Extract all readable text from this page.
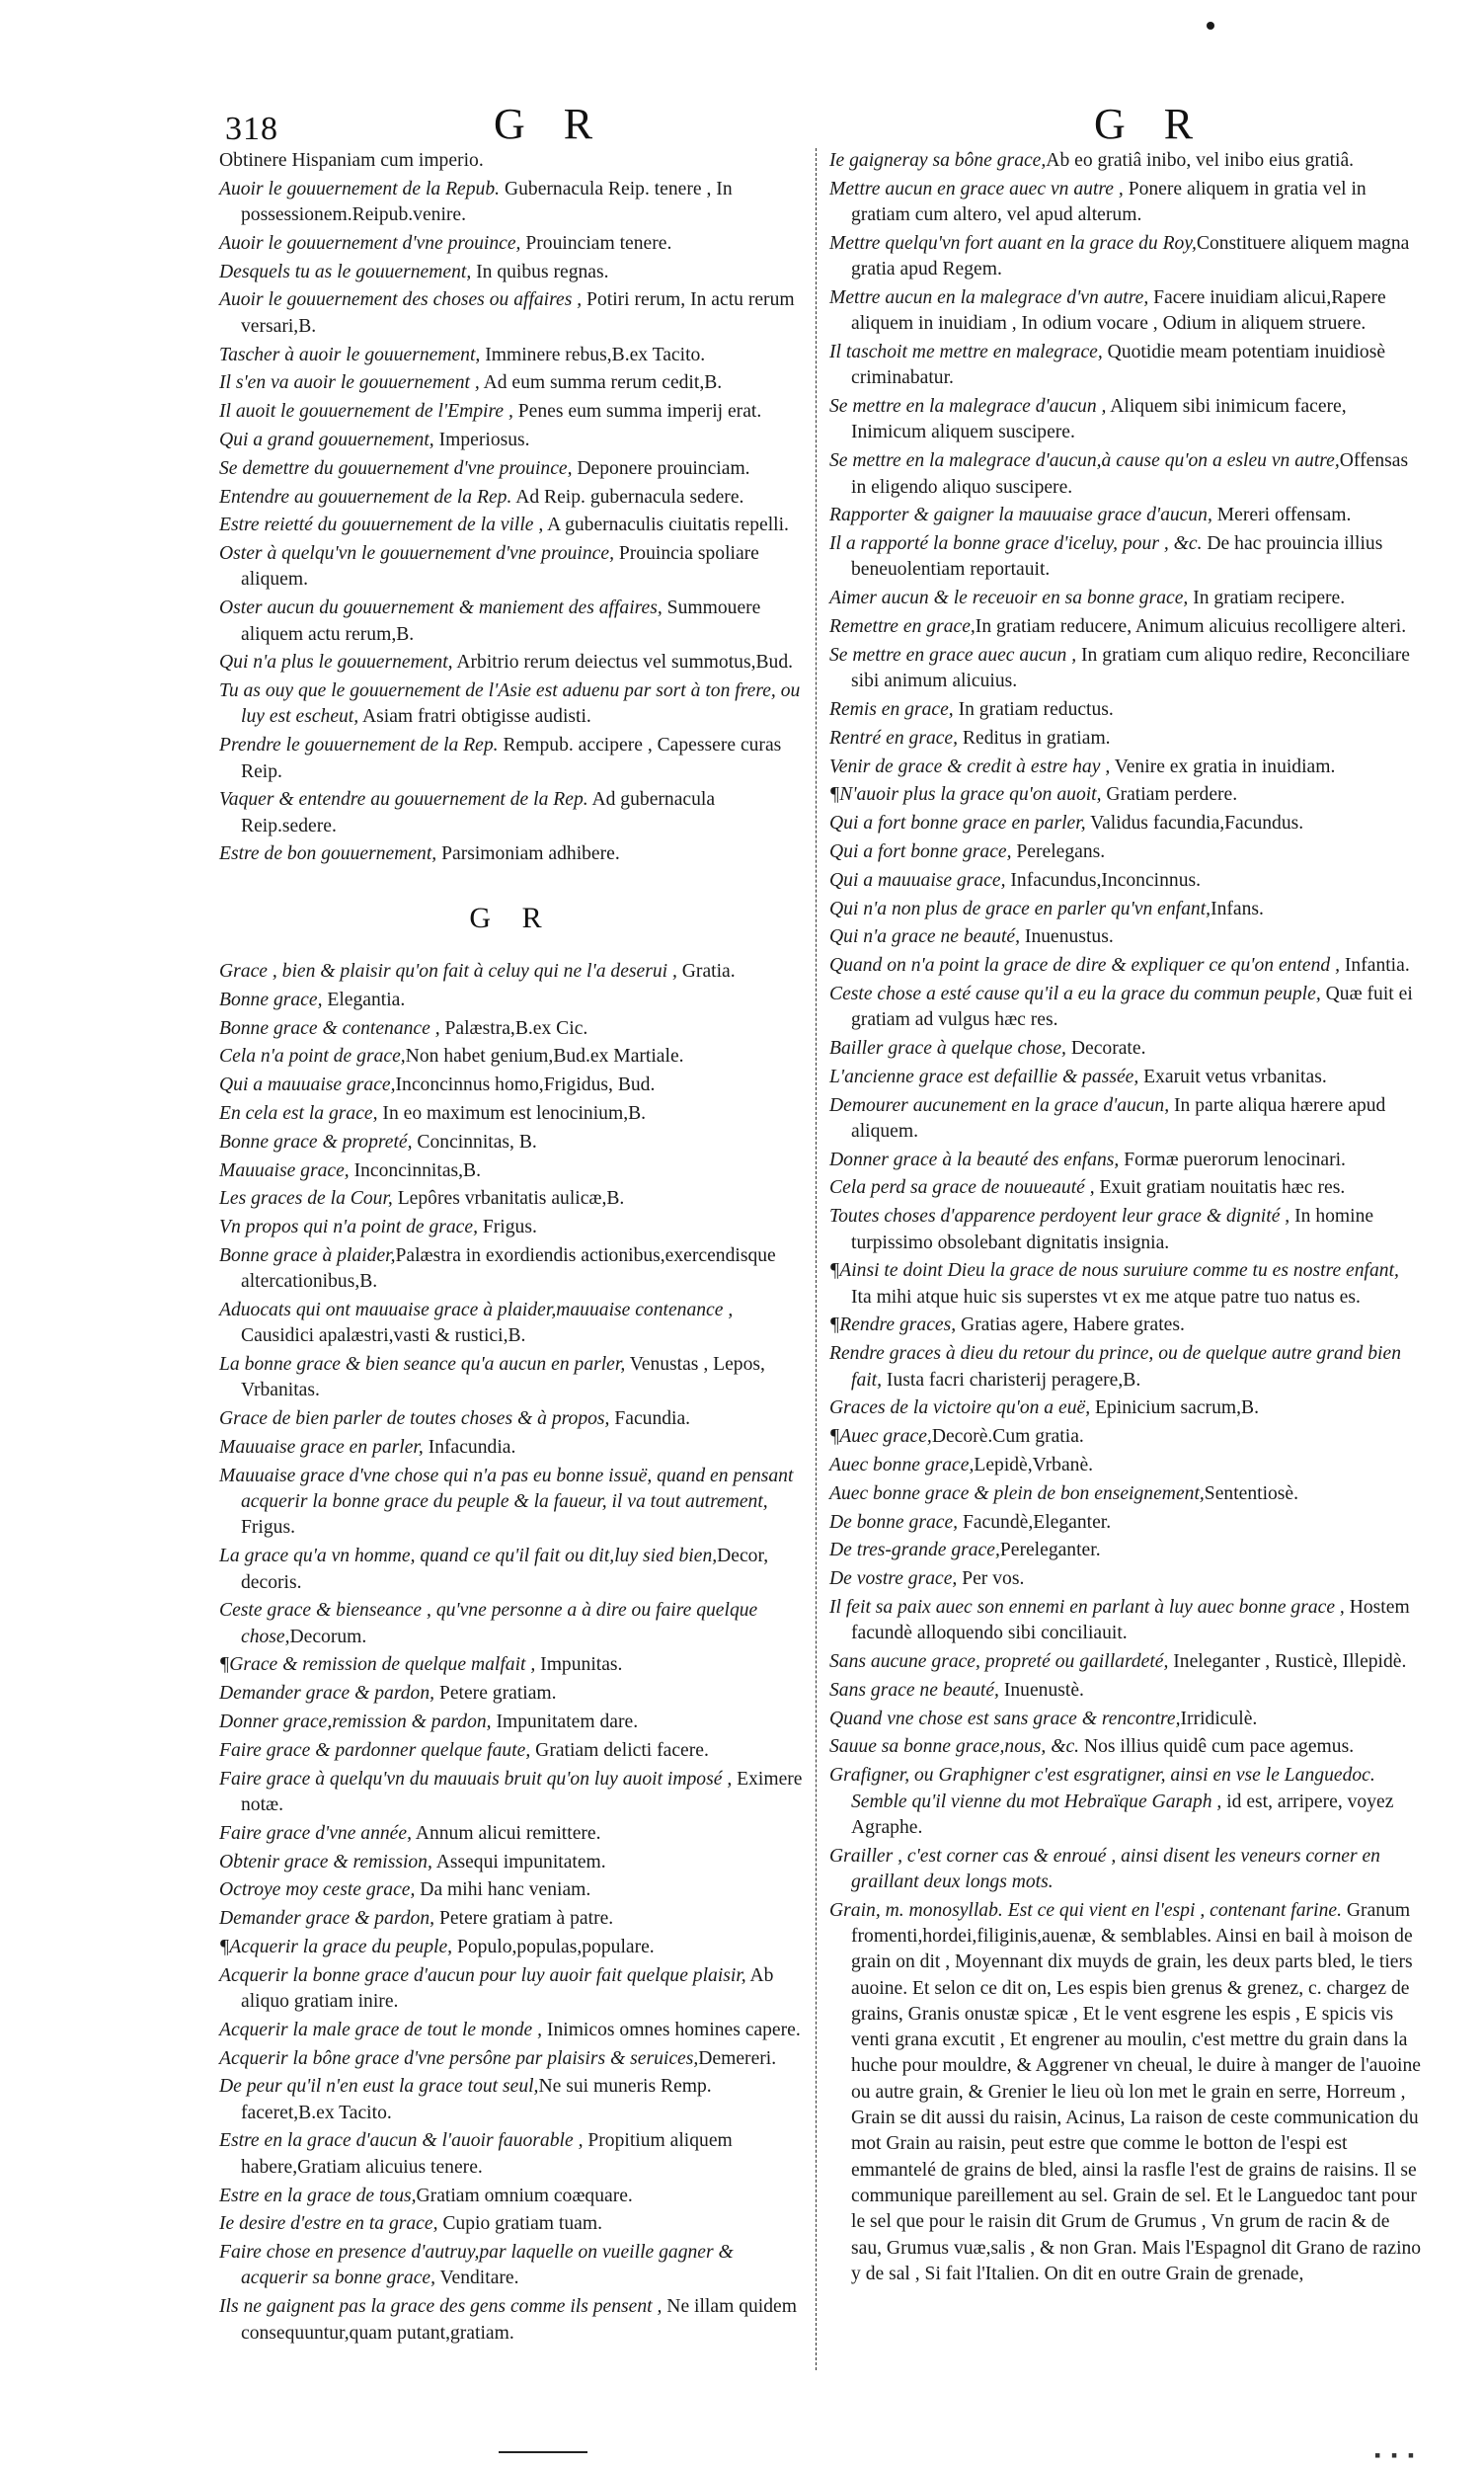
318	G R	G R
Obtinere Hispaniam cum imperio.
Auoir le gouuernement de la Repub. Gubernacula Reip. tenere , In possessionem.Reipub.venire.
Auoir le gouuernement d'vne prouince, Prouinciam tenere.
Desquels tu as le gouuernement, In quibus regnas.
Auoir le gouuernement des choses ou affaires , Potiri rerum, In actu rerum versari,B.
Tascher à auoir le gouuernement, Imminere rebus,B.ex Tacito.
Il s'en va auoir le gouuernement , Ad eum summa rerum cedit,B.
Il auoit le gouuernement de l'Empire , Penes eum summa imperij erat.
Qui a grand gouuernement, Imperiosus.
Se demettre du gouuernement d'vne prouince, Deponere prouinciam.
Entendre au gouuernement de la Rep. Ad Reip. gubernacula sedere.
Estre reietté du gouuernement de la ville , A gubernaculis ciuitatis repelli.
Oster à quelqu'vn le gouuernement d'vne prouince, Prouincia spoliare aliquem.
Oster aucun du gouuernement & maniement des affaires, Summouere aliquem actu rerum,B.
Qui n'a plus le gouuernement, Arbitrio rerum deiectus vel summotus,Bud.
Tu as ouy que le gouuernement de l'Asie est aduenu par sort à ton frere, ou luy est escheut, Asiam fratri obtigisse audisti.
Prendre le gouuernement de la Rep. Rempub. accipere , Capessere curas Reip.
Vaquer & entendre au gouuernement de la Rep. Ad gubernacula Reip.sedere.
Estre de bon gouuernement, Parsimoniam adhibere.
G R
Grace , bien & plaisir qu'on fait à celuy qui ne l'a deserui , Gratia.
Bonne grace, Elegantia.
Bonne grace & contenance , Palæstra,B.ex Cic.
Cela n'a point de grace,Non habet genium,Bud.ex Martiale.
Qui a mauuaise grace,Inconcinnus homo,Frigidus, Bud.
En cela est la grace, In eo maximum est lenocinium,B.
Bonne grace & propreté, Concinnitas, B.
Mauuaise grace, Inconcinnitas,B.
Les graces de la Cour, Lepôres vrbanitatis aulicæ,B.
Vn propos qui n'a point de grace, Frigus.
Bonne grace à plaider,Palæstra in exordiendis actionibus,exercendisque altercationibus,B.
Aduocats qui ont mauuaise grace à plaider,mauuaise contenance , Causidici apalæstri,vasti & rustici,B.
La bonne grace & bien seance qu'a aucun en parler, Venustas , Lepos, Vrbanitas.
Grace de bien parler de toutes choses & à propos, Facundia.
Mauuaise grace en parler, Infacundia.
Mauuaise grace d'vne chose qui n'a pas eu bonne issuë, quand en pensant acquerir la bonne grace du peuple & la faueur, il va tout autrement, Frigus.
La grace qu'a vn homme, quand ce qu'il fait ou dit,luy sied bien,Decor, decoris.
Ceste grace & bienseance , qu'vne personne a à dire ou faire quelque chose,Decorum.
¶Grace & remission de quelque malfait , Impunitas.
Demander grace & pardon, Petere gratiam.
Donner grace,remission & pardon, Impunitatem dare.
Faire grace & pardonner quelque faute, Gratiam delicti facere.
Faire grace à quelqu'vn du mauuais bruit qu'on luy auoit imposé , Eximere notæ.
Faire grace d'vne année, Annum alicui remittere.
Obtenir grace & remission, Assequi impunitatem.
Octroye moy ceste grace, Da mihi hanc veniam.
Demander grace & pardon, Petere gratiam à patre.
¶Acquerir la grace du peuple, Populo,populas,populare.
Acquerir la bonne grace d'aucun pour luy auoir fait quelque plaisir, Ab aliquo gratiam inire.
Acquerir la male grace de tout le monde , Inimicos omnes homines capere.
Acquerir la bône grace d'vne persône par plaisirs & seruices,Demereri.
De peur qu'il n'en eust la grace tout seul,Ne sui muneris Remp. faceret,B.ex Tacito.
Estre en la grace d'aucun & l'auoir fauorable , Propitium aliquem habere,Gratiam alicuius tenere.
Estre en la grace de tous,Gratiam omnium coæquare.
Ie desire d'estre en ta grace, Cupio gratiam tuam.
Faire chose en presence d'autruy,par laquelle on vueille gagner & acquerir sa bonne grace, Venditare.
Ils ne gaignent pas la grace des gens comme ils pensent , Ne illam quidem consequuntur,quam putant,gratiam.
Ie gaigneray sa bône grace,Ab eo gratiâ inibo, vel inibo eius gratiâ.
Mettre aucun en grace auec vn autre , Ponere aliquem in gratia vel in gratiam cum altero, vel apud alterum.
Mettre quelqu'vn fort auant en la grace du Roy,Constituere aliquem magna gratia apud Regem.
Mettre aucun en la malegrace d'vn autre, Facere inuidiam alicui,Rapere aliquem in inuidiam , In odium vocare , Odium in aliquem struere.
Il taschoit me mettre en malegrace, Quotidie meam potentiam inuidiosè criminabatur.
Se mettre en la malegrace d'aucun , Aliquem sibi inimicum facere, Inimicum aliquem suscipere.
Se mettre en la malegrace d'aucun,à cause qu'on a esleu vn autre,Offensas in eligendo aliquo suscipere.
Rapporter & gaigner la mauuaise grace d'aucun, Mereri offensam.
Il a rapporté la bonne grace d'iceluy, pour , &c. De hac prouincia illius beneuolentiam reportauit.
Aimer aucun & le receuoir en sa bonne grace, In gratiam recipere.
Remettre en grace,In gratiam reducere, Animum alicuius recolligere alteri.
Se mettre en grace auec aucun , In gratiam cum aliquo redire, Reconciliare sibi animum alicuius.
Remis en grace, In gratiam reductus.
Rentré en grace, Reditus in gratiam.
Venir de grace & credit à estre hay , Venire ex gratia in inuidiam.
¶N'auoir plus la grace qu'on auoit, Gratiam perdere.
Qui a fort bonne grace en parler, Validus facundia,Facundus.
Qui a fort bonne grace, Perelegans.
Qui a mauuaise grace, Infacundus,Inconcinnus.
Qui n'a non plus de grace en parler qu'vn enfant,Infans.
Qui n'a grace ne beauté, Inuenustus.
Quand on n'a point la grace de dire & expliquer ce qu'on entend , Infantia.
Ceste chose a esté cause qu'il a eu la grace du commun peuple, Quæ fuit ei gratiam ad vulgus hæc res.
Bailler grace à quelque chose, Decorate.
L'ancienne grace est defaillie & passée, Exaruit vetus vrbanitas.
Demourer aucunement en la grace d'aucun, In parte aliqua hærere apud aliquem.
Donner grace à la beauté des enfans, Formæ puerorum lenocinari.
Cela perd sa grace de nouueauté , Exuit gratiam nouitatis hæc res.
Toutes choses d'apparence perdoyent leur grace & dignité , In homine turpissimo obsolebant dignitatis insignia.
¶Ainsi te doint Dieu la grace de nous suruiure comme tu es nostre enfant, Ita mihi atque huic sis superstes vt ex me atque patre tuo natus es.
¶Rendre graces, Gratias agere, Habere grates.
Rendre graces à dieu du retour du prince, ou de quelque autre grand bien fait, Iusta facri charisterij peragere,B.
Graces de la victoire qu'on a euë, Epinicium sacrum,B.
¶Auec grace,Decorè.Cum gratia.
Auec bonne grace,Lepidè,Vrbanè.
Auec bonne grace & plein de bon enseignement,Sententiosè.
De bonne grace, Facundè,Eleganter.
De tres-grande grace,Pereleganter.
De vostre grace, Per vos.
Il feit sa paix auec son ennemi en parlant à luy auec bonne grace , Hostem facundè alloquendo sibi conciliauit.
Sans aucune grace, propreté ou gaillardeté, Ineleganter , Rusticè, Illepidè.
Sans grace ne beauté, Inuenustè.
Quand vne chose est sans grace & rencontre,Irridiculè.
Sauue sa bonne grace,nous, &c. Nos illius quidê cum pace agemus.
Grafigner, ou Graphigner c'est esgratigner, ainsi en vse le Languedoc. Semble qu'il vienne du mot Hebraïque Garaph , id est, arripere, voyez Agraphe.
Grailler , c'est corner cas & enroué , ainsi disent les veneurs corner en graillant deux longs mots.
Grain, m. monosyllab. Est ce qui vient en l'espi , contenant farine. Granum fromenti,hordei,filiginis,auenæ, & semblables. Ainsi en bail à moison de grain on dit , Moyennant dix muyds de grain, les deux parts bled, le tiers auoine. Et selon ce dit on, Les espis bien grenus & grenez, c. chargez de grains, Granis onustæ spicæ , Et le vent esgrene les espis , E spicis vis venti grana excutit , Et engrener au moulin, c'est mettre du grain dans la huche pour mouldre, & Aggrener vn cheual, le duire à manger de l'auoine ou autre grain, & Grenier le lieu où lon met le grain en serre, Horreum , Grain se dit aussi du raisin, Acinus, La raison de ceste communication du mot Grain au raisin, peut estre que comme le botton de l'espi est emmantelé de grains de bled, ainsi la rasfle l'est de grains de raisins. Il se communique pareillement au sel. Grain de sel. Et le Languedoc tant pour le sel que pour le raisin dit Grum de Grumus , Vn grum de racin & de sau, Grumus vuæ,salis , & non Gran. Mais l'Espagnol dit Grano de razino y de sal , Si fait l'Italien. On dit en outre Grain de grenade,
▪ ▪ ▪
